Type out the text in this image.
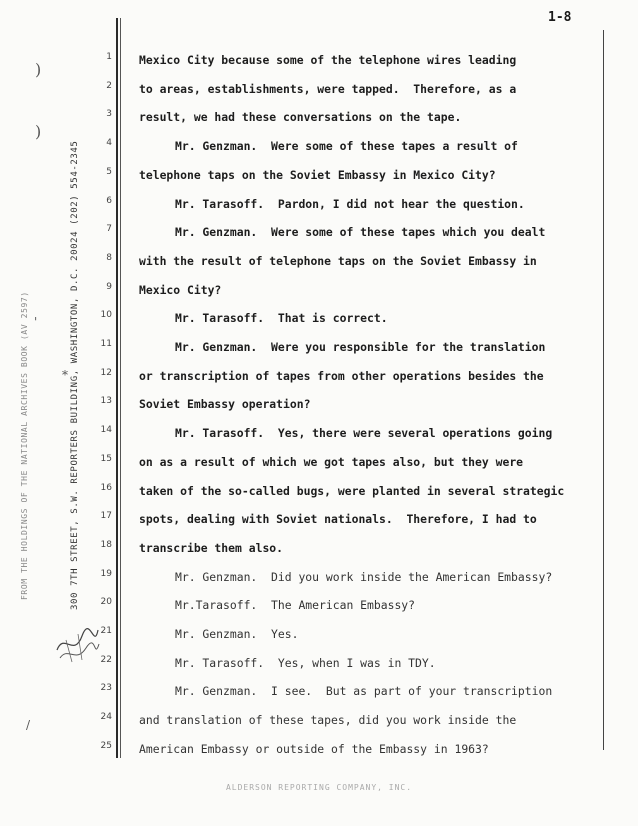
1-8
300 7TH STREET, S.W. REPORTERS BUILDING, WASHINGTON, D.C. 20024 (202) 554-2345
FROM THE HOLDINGS OF THE NATIONAL ARCHIVES BOOK (AV 2597)
1
2
3
4
5
6
7
8
9
10
11
12
13
14
15
16
17
18
19
20
21
22
23
24
25
Mexico City because some of the telephone wires leading
to areas, establishments, were tapped.  Therefore, as a
result, we had these conversations on the tape.
Mr. Genzman.  Were some of these tapes a result of
telephone taps on the Soviet Embassy in Mexico City?
Mr. Tarasoff.  Pardon, I did not hear the question.
Mr. Genzman.  Were some of these tapes which you dealt
with the result of telephone taps on the Soviet Embassy in
Mexico City?
Mr. Tarasoff.  That is correct.
Mr. Genzman.  Were you responsible for the translation
or transcription of tapes from other operations besides the
Soviet Embassy operation?
Mr. Tarasoff.  Yes, there were several operations going
on as a result of which we got tapes also, but they were
taken of the so-called bugs, were planted in several strategic
spots, dealing with Soviet nationals.  Therefore, I had to
transcribe them also.
Mr. Genzman.  Did you work inside the American Embassy?
Mr.Tarasoff.  The American Embassy?
Mr. Genzman.  Yes.
Mr. Tarasoff.  Yes, when I was in TDY.
Mr. Genzman.  I see.  But as part of your transcription
and translation of these tapes, did you work inside the
American Embassy or outside of the Embassy in 1963?
)
)
'
*
/
ALDERSON REPORTING COMPANY, INC.
